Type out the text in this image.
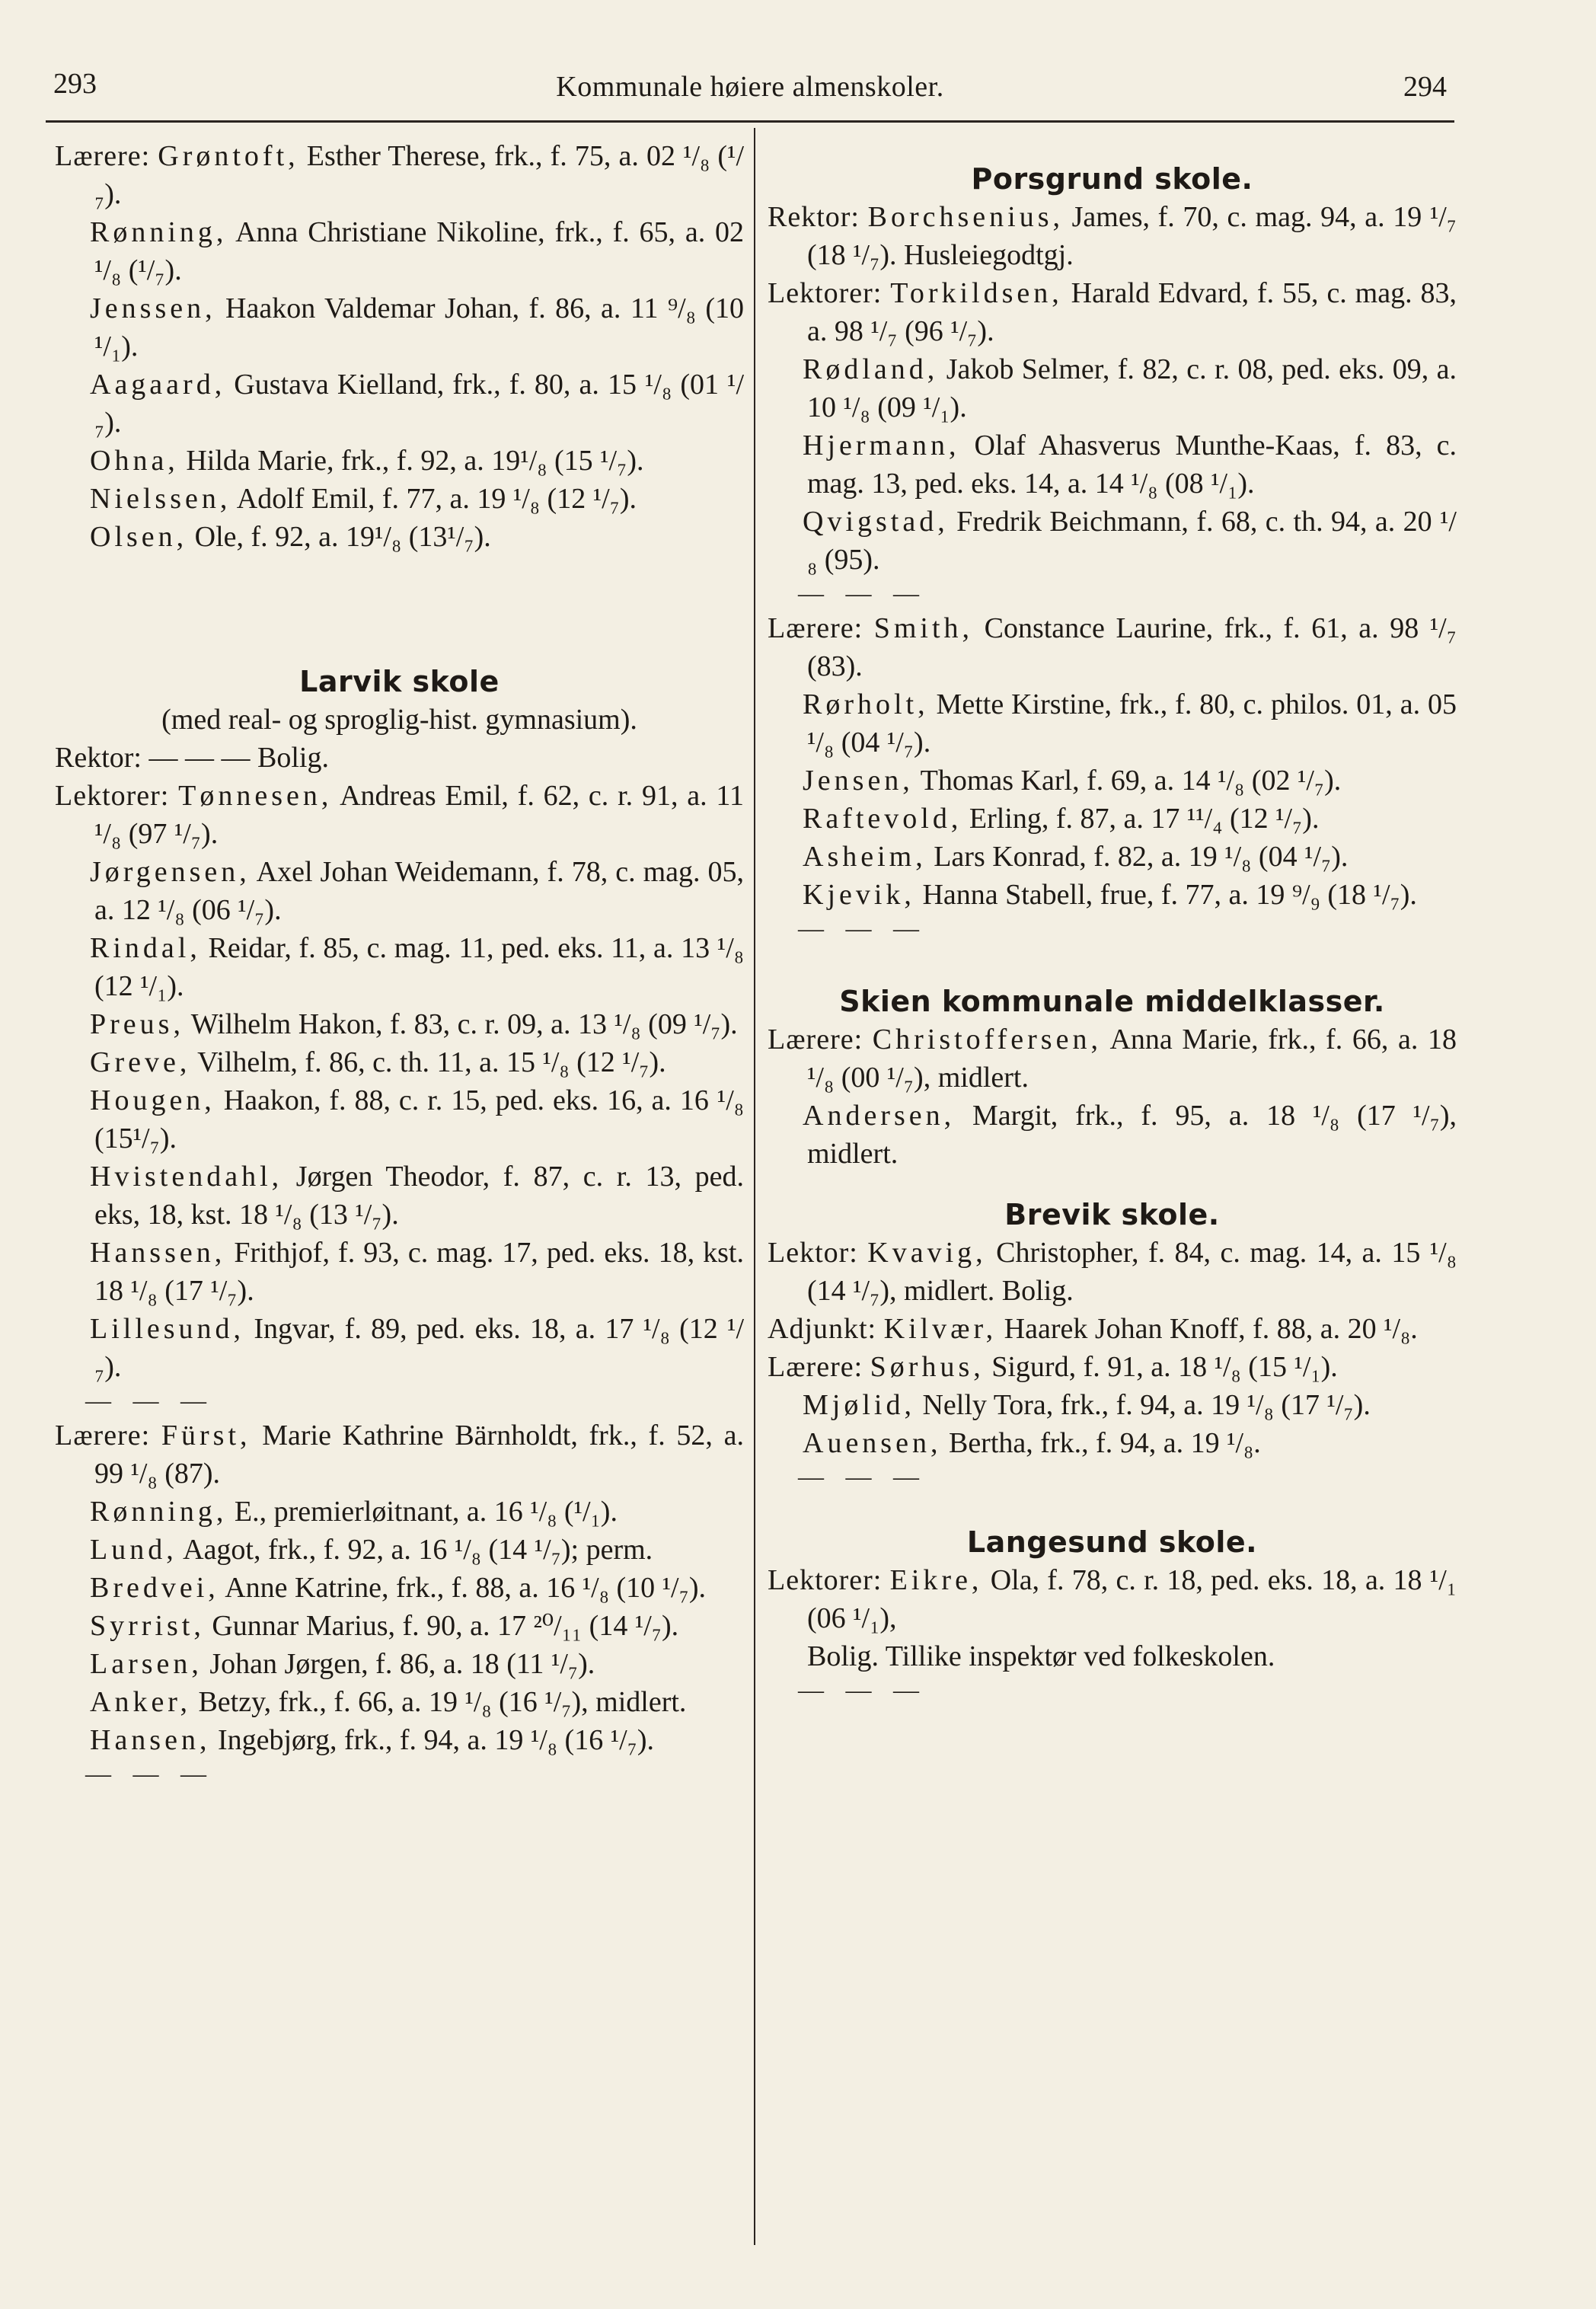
293	Kommunale høiere almenskoler.	294
Lærere: Grøntoft, Esther Therese, frk., f. 75, a. 02 ¹/₈ (¹/₇).
Rønning, Anna Christiane Nikoline, frk., f. 65, a. 02 ¹/₈ (¹/₇).
Jenssen, Haakon Valdemar Johan, f. 86, a. 11 ⁹/₈ (10 ¹/₁).
Aagaard, Gustava Kielland, frk., f. 80, a. 15 ¹/₈ (01 ¹/₇).
Ohna, Hilda Marie, frk., f. 92, a. 19¹/₈ (15 ¹/₇).
Nielssen, Adolf Emil, f. 77, a. 19 ¹/₈ (12 ¹/₇).
Olsen, Ole, f. 92, a. 19¹/₈ (13¹/₇).
Larvik skole

(med real- og sproglig-hist. gymnasium).

Rektor: — — — Bolig.
Lektorer: Tønnesen, Andreas Emil, f. 62, c. r. 91, a. 11 ¹/₈ (97 ¹/₇).
Jørgensen, Axel Johan Weidemann, f. 78, c. mag. 05, a. 12 ¹/₈ (06 ¹/₇).
Rindal, Reidar, f. 85, c. mag. 11, ped. eks. 11, a. 13 ¹/₈ (12 ¹/₁).
Preus, Wilhelm Hakon, f. 83, c. r. 09, a. 13 ¹/₈ (09 ¹/₇).
Greve, Vilhelm, f. 86, c. th. 11, a. 15 ¹/₈ (12 ¹/₇).
Hougen, Haakon, f. 88, c. r. 15, ped. eks. 16, a. 16 ¹/₈ (15¹/₇).
Hvistendahl, Jørgen Theodor, f. 87, c. r. 13, ped. eks, 18, kst. 18 ¹/₈ (13 ¹/₇).
Hanssen, Frithjof, f. 93, c. mag. 17, ped. eks. 18, kst. 18 ¹/₈ (17 ¹/₇).
Lillesund, Ingvar, f. 89, ped. eks. 18, a. 17 ¹/₈ (12 ¹/₇).
— — —
Lærere: Fürst, Marie Kathrine Bärnholdt, frk., f. 52, a. 99 ¹/₈ (87).
Rønning, E., premierløitnant, a. 16 ¹/₈ (¹/₁).
Lund, Aagot, frk., f. 92, a. 16 ¹/₈ (14 ¹/₇); perm.
Bredvei, Anne Katrine, frk., f. 88, a. 16 ¹/₈ (10 ¹/₇).
Syrrist, Gunnar Marius, f. 90, a. 17 ²⁰/₁₁ (14 ¹/₇).
Larsen, Johan Jørgen, f. 86, a. 18 (11 ¹/₇).
Anker, Betzy, frk., f. 66, a. 19 ¹/₈ (16 ¹/₇), midlert.
Hansen, Ingebjørg, frk., f. 94, a. 19 ¹/₈ (16 ¹/₇).
— — —
Porsgrund skole.
Rektor: Borchsenius, James, f. 70, c. mag. 94, a. 19 ¹/₇ (18 ¹/₇). Husleiegodtgj.
Lektorer: Torkildsen, Harald Edvard, f. 55, c. mag. 83, a. 98 ¹/₇ (96 ¹/₇).
Rødland, Jakob Selmer, f. 82, c. r. 08, ped. eks. 09, a. 10 ¹/₈ (09 ¹/₁).
Hjermann, Olaf Ahasverus Munthe-Kaas, f. 83, c. mag. 13, ped. eks. 14, a. 14 ¹/₈ (08 ¹/₁).
Qvigstad, Fredrik Beichmann, f. 68, c. th. 94, a. 20 ¹/₈ (95).
— — —
Lærere: Smith, Constance Laurine, frk., f. 61, a. 98 ¹/₇ (83).
Rørholt, Mette Kirstine, frk., f. 80, c. philos. 01, a. 05 ¹/₈ (04 ¹/₇).
Jensen, Thomas Karl, f. 69, a. 14 ¹/₈ (02 ¹/₇).
Raftevold, Erling, f. 87, a. 17 ¹¹/₄ (12 ¹/₇).
Asheim, Lars Konrad, f. 82, a. 19 ¹/₈ (04 ¹/₇).
Kjevik, Hanna Stabell, frue, f. 77, a. 19 ⁹/₉ (18 ¹/₇).
— — —
Skien kommunale middelklasser.
Lærere: Christoffersen, Anna Marie, frk., f. 66, a. 18 ¹/₈ (00 ¹/₇), midlert.
Andersen, Margit, frk., f. 95, a. 18 ¹/₈ (17 ¹/₇), midlert.
Brevik skole.
Lektor: Kvavig, Christopher, f. 84, c. mag. 14, a. 15 ¹/₈ (14 ¹/₇), midlert. Bolig.
Adjunkt: Kilvær, Haarek Johan Knoff, f. 88, a. 20 ¹/₈.
Lærere: Sørhus, Sigurd, f. 91, a. 18 ¹/₈ (15 ¹/₁).
Mjølid, Nelly Tora, frk., f. 94, a. 19 ¹/₈ (17 ¹/₇).
Auensen, Bertha, frk., f. 94, a. 19 ¹/₈.
— — —
Langesund skole.
Lektorer: Eikre, Ola, f. 78, c. r. 18, ped. eks. 18, a. 18 ¹/₁ (06 ¹/₁),
Bolig. Tillike inspektør ved folkeskolen.
— — —
